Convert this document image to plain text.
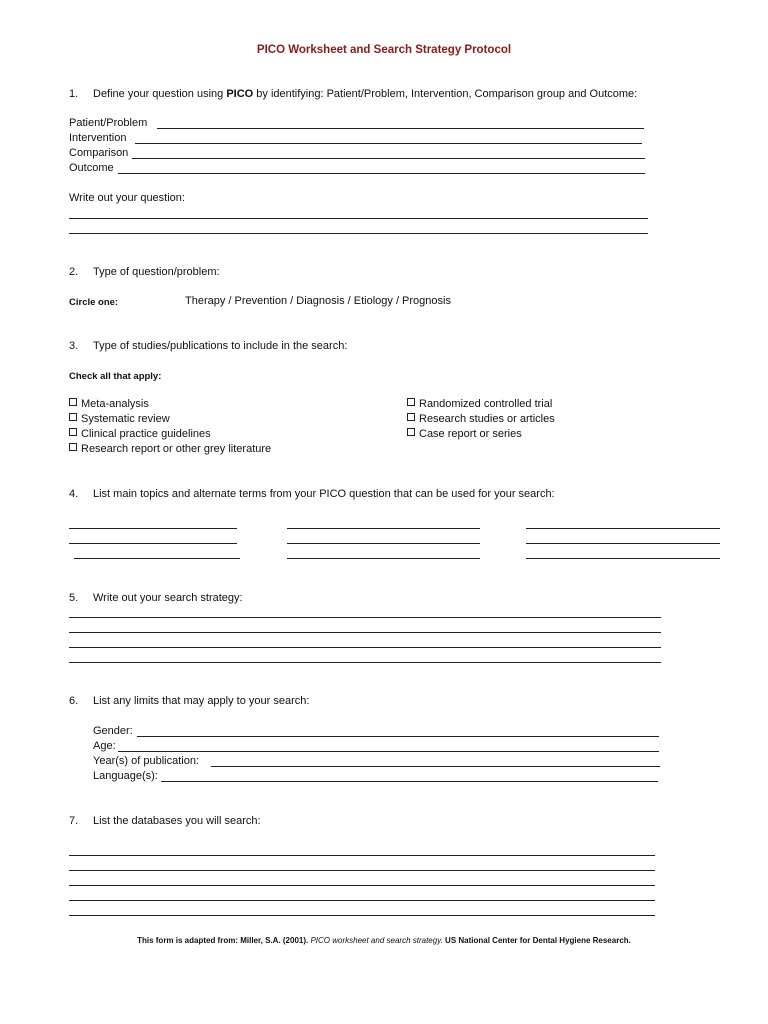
PICO Worksheet and Search Strategy Protocol
1. Define your question using PICO by identifying: Patient/Problem, Intervention, Comparison group and Outcome:
Patient/Problem
Intervention
Comparison
Outcome
Write out your question:
2. Type of question/problem:
Circle one:	Therapy / Prevention / Diagnosis / Etiology / Prognosis
3. Type of studies/publications to include in the search:
Check all that apply:
Meta-analysis
Systematic review
Clinical practice guidelines
Research report or other grey literature
Randomized controlled trial
Research studies or articles
Case report or series
4. List main topics and alternate terms from your PICO question that can be used for your search:
5. Write out your search strategy:
6. List any limits that may apply to your search:
Gender:
Age:
Year(s) of publication:
Language(s):
7. List the databases you will search:
This form is adapted from: Miller, S.A. (2001). PICO worksheet and search strategy. US National Center for Dental Hygiene Research.
